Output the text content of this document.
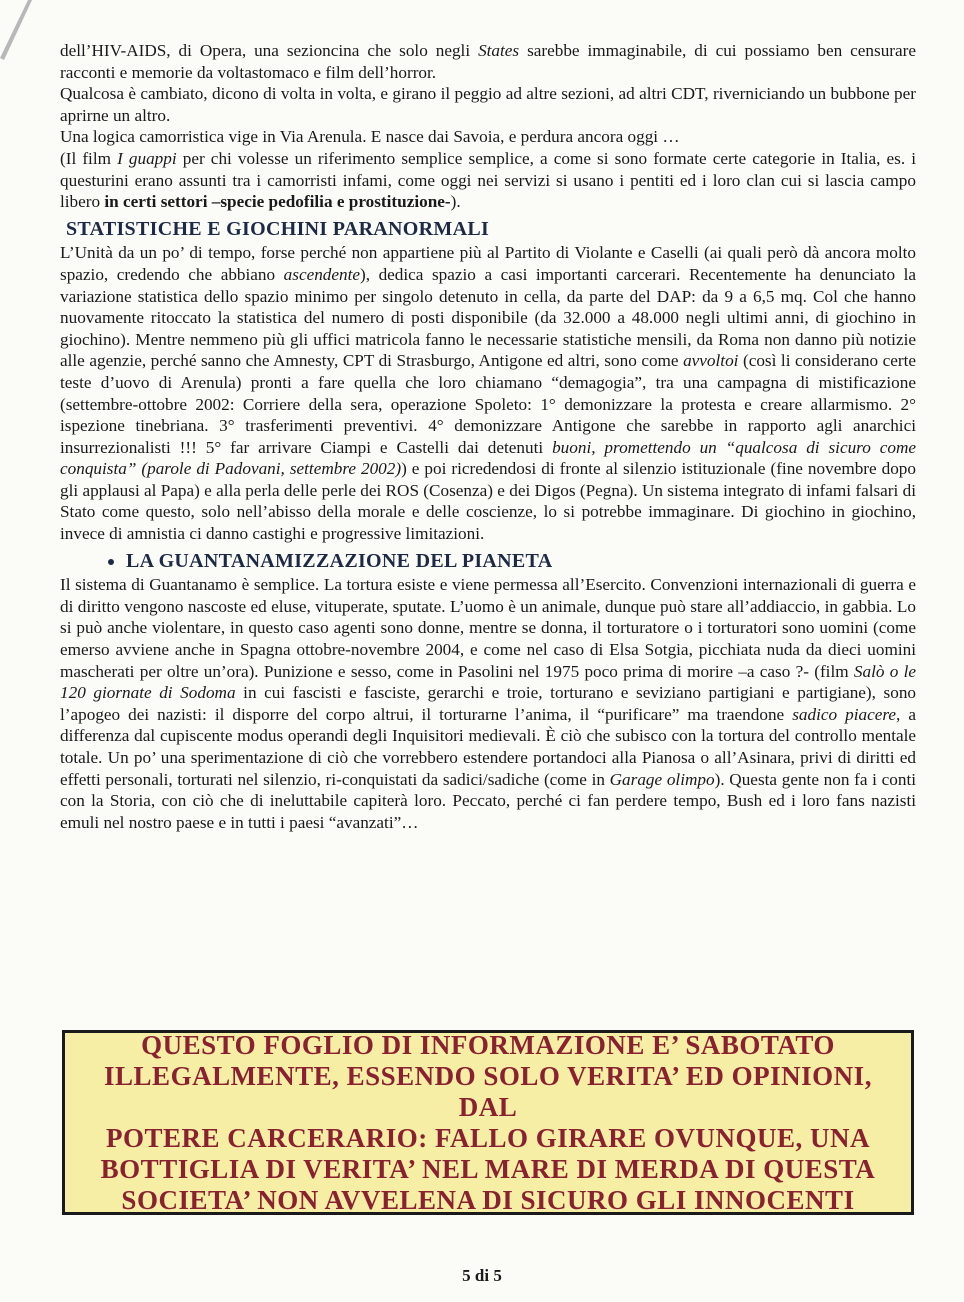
dell’HIV-AIDS, di Opera, una sezioncina che solo negli States sarebbe immaginabile, di cui possiamo ben censurare racconti e memorie da voltastomaco e film dell’horror.

Qualcosa è cambiato, dicono di volta in volta, e girano il peggio ad altre sezioni, ad altri CDT, riverniciando un bubbone per aprirne un altro.

Una logica camorristica vige in Via Arenula. E nasce dai Savoia, e perdura ancora oggi …

(Il film I guappi per chi volesse un riferimento semplice semplice, a come si sono formate certe categorie in Italia, es. i questurini erano assunti tra i camorristi infami, come oggi nei servizi si usano i pentiti ed i loro clan cui si lascia campo libero in certi settori –specie pedofilia e prostituzione-).

STATISTICHE E GIOCHINI PARANORMALI

L’Unità da un po’ di tempo, forse perché non appartiene più al Partito di Violante e Caselli (ai quali però dà ancora molto spazio, credendo che abbiano ascendente), dedica spazio a casi importanti carcerari. Recentemente ha denunciato la variazione statistica dello spazio minimo per singolo detenuto in cella, da parte del DAP: da 9 a 6,5 mq. Col che hanno nuovamente ritoccato la statistica del numero di posti disponibile (da 32.000 a 48.000 negli ultimi anni, di giochino in giochino). Mentre nemmeno più gli uffici matricola fanno le necessarie statistiche mensili, da Roma non danno più notizie alle agenzie, perché sanno che Amnesty, CPT di Strasburgo, Antigone ed altri, sono come avvoltoi (così li considerano certe teste d’uovo di Arenula) pronti a fare quella che loro chiamano “demagogia”, tra una campagna di mistificazione (settembre-ottobre 2002: Corriere della sera, operazione Spoleto: 1° demonizzare la protesta e creare allarmismo. 2° ispezione tinebriana. 3° trasferimenti preventivi. 4° demonizzare Antigone che sarebbe in rapporto agli anarchici insurrezionalisti !!! 5° far arrivare Ciampi e Castelli dai detenuti buoni, promettendo un “qualcosa di sicuro come conquista” (parole di Padovani, settembre 2002)) e poi ricredendosi di fronte al silenzio istituzionale (fine novembre dopo gli applausi al Papa) e alla perla delle perle dei ROS (Cosenza) e dei Digos (Pegna). Un sistema integrato di infami falsari di Stato come questo, solo nell’abisso della morale e delle coscienze, lo si potrebbe immaginare. Di giochino in giochino, invece di amnistia ci danno castighi e progressive limitazioni.

LA GUANTANAMIZZAZIONE DEL PIANETA

Il sistema di Guantanamo è semplice. La tortura esiste e viene permessa all’Esercito. Convenzioni internazionali di guerra e di diritto vengono nascoste ed eluse, vituperate, sputate. L’uomo è un animale, dunque può stare all’addiaccio, in gabbia. Lo si può anche violentare, in questo caso agenti sono donne, mentre se donna, il torturatore o i torturatori sono uomini (come emerso avviene anche in Spagna ottobre-novembre 2004, e come nel caso di Elsa Sotgia, picchiata nuda da dieci uomini mascherati per oltre un’ora). Punizione e sesso, come in Pasolini nel 1975 poco prima di morire –a caso ?- (film Salò o le 120 giornate di Sodoma in cui fascisti e fasciste, gerarchi e troie, torturano e seviziano partigiani e partigiane), sono l’apogeo dei nazisti: il disporre del corpo altrui, il torturarne l’anima, il “purificare” ma traendone sadico piacere, a differenza dal cupiscente modus operandi degli Inquisitori medievali. È ciò che subisco con la tortura del controllo mentale totale. Un po’ una sperimentazione di ciò che vorrebbero estendere portandoci alla Pianosa o all’Asinara, privi di diritti ed effetti personali, torturati nel silenzio, ri-conquistati da sadici/sadiche (come in Garage olimpo). Questa gente non fa i conti con la Storia, con ciò che di ineluttabile capiterà loro. Peccato, perché ci fan perdere tempo, Bush ed i loro fans nazisti emuli nel nostro paese e in tutti i paesi “avanzati”…

QUESTO FOGLIO DI INFORMAZIONE E’ SABOTATO
ILLEGALMENTE, ESSENDO SOLO VERITA’ ED OPINIONI, DAL
POTERE CARCERARIO: FALLO GIRARE OVUNQUE, UNA
BOTTIGLIA DI VERITA’ NEL MARE DI MERDA DI QUESTA
SOCIETA’ NON AVVELENA DI SICURO GLI INNOCENTI
5 di 5
